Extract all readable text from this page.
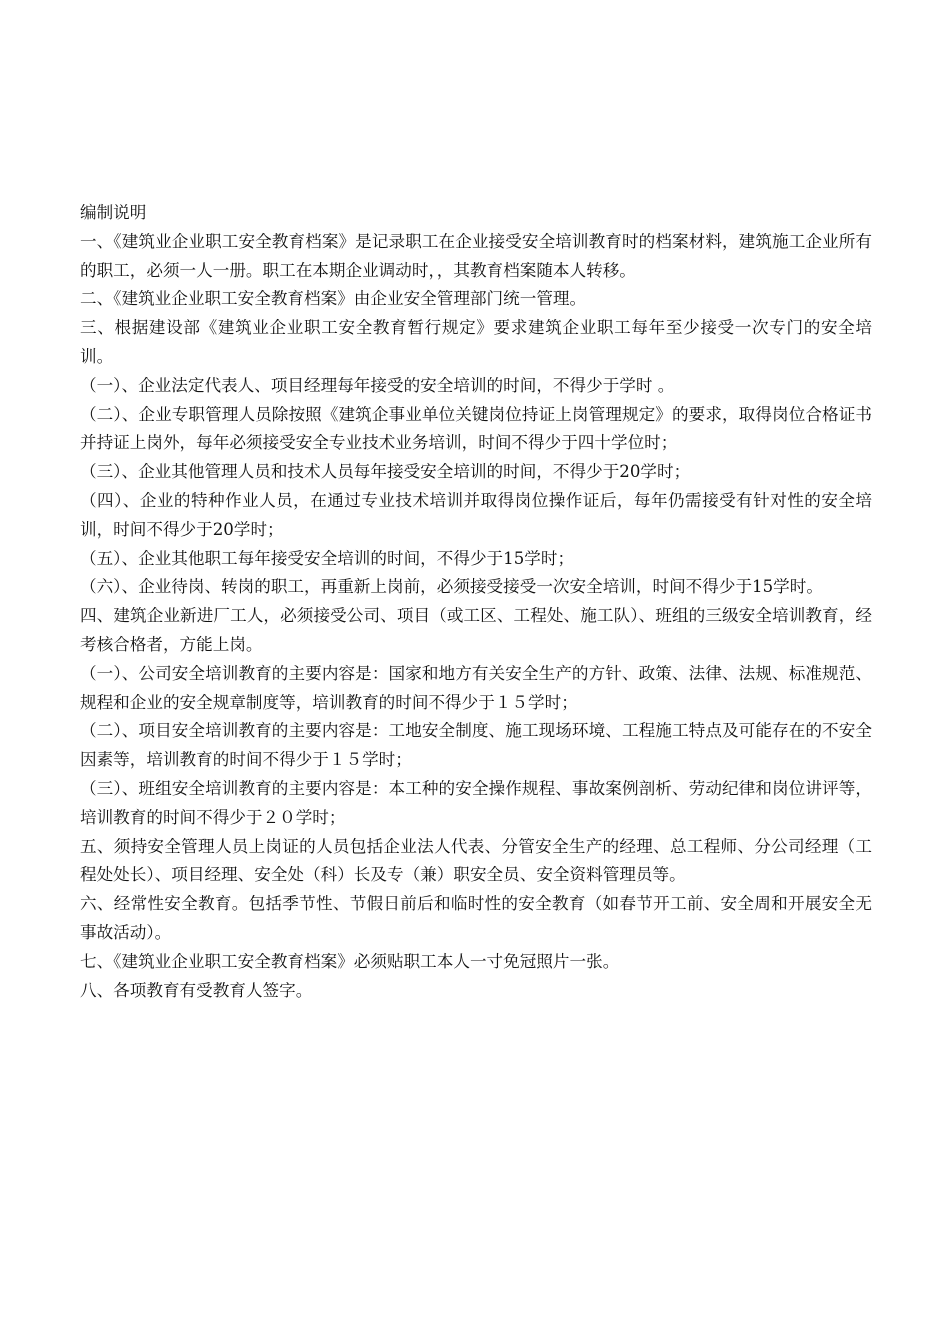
编制说明

一、《建筑业企业职工安全教育档案》是记录职工在企业接受安全培训教育时的档案材料，建筑施工企业所有的职工，必须一人一册。职工在本期企业调动时，，其教育档案随本人转移。

二、《建筑业企业职工安全教育档案》由企业安全管理部门统一管理。

三、根据建设部《建筑业企业职工安全教育暂行规定》要求建筑企业职工每年至少接受一次专门的安全培训。

（一）、企业法定代表人、项目经理每年接受的安全培训的时间，不得少于学时 。

（二）、企业专职管理人员除按照《建筑企事业单位关键岗位持证上岗管理规定》的要求，取得岗位合格证书并持证上岗外，每年必须接受安全专业技术业务培训，时间不得少于四十学位时；

（三）、企业其他管理人员和技术人员每年接受安全培训的时间，不得少于20学时；

（四）、企业的特种作业人员，在通过专业技术培训并取得岗位操作证后，每年仍需接受有针对性的安全培训，时间不得少于20学时；

（五）、企业其他职工每年接受安全培训的时间，不得少于15学时；

（六）、企业待岗、转岗的职工，再重新上岗前，必须接受接受一次安全培训，时间不得少于15学时。

四、建筑企业新进厂工人，必须接受公司、项目（或工区、工程处、施工队）、班组的三级安全培训教育，经考核合格者，方能上岗。

（一）、公司安全培训教育的主要内容是：国家和地方有关安全生产的方针、政策、法律、法规、标准规范、规程和企业的安全规章制度等，培训教育的时间不得少于１５学时；

（二）、项目安全培训教育的主要内容是：工地安全制度、施工现场环境、工程施工特点及可能存在的不安全因素等，培训教育的时间不得少于１５学时；

（三）、班组安全培训教育的主要内容是：本工种的安全操作规程、事故案例剖析、劳动纪律和岗位讲评等，培训教育的时间不得少于２０学时；

五、须持安全管理人员上岗证的人员包括企业法人代表、分管安全生产的经理、总工程师、分公司经理（工程处处长）、项目经理、安全处（科）长及专（兼）职安全员、安全资料管理员等。

六、经常性安全教育。包括季节性、节假日前后和临时性的安全教育（如春节开工前、安全周和开展安全无事故活动）。

七、《建筑业企业职工安全教育档案》必须贴职工本人一寸免冠照片一张。

八、各项教育有受教育人签字。
